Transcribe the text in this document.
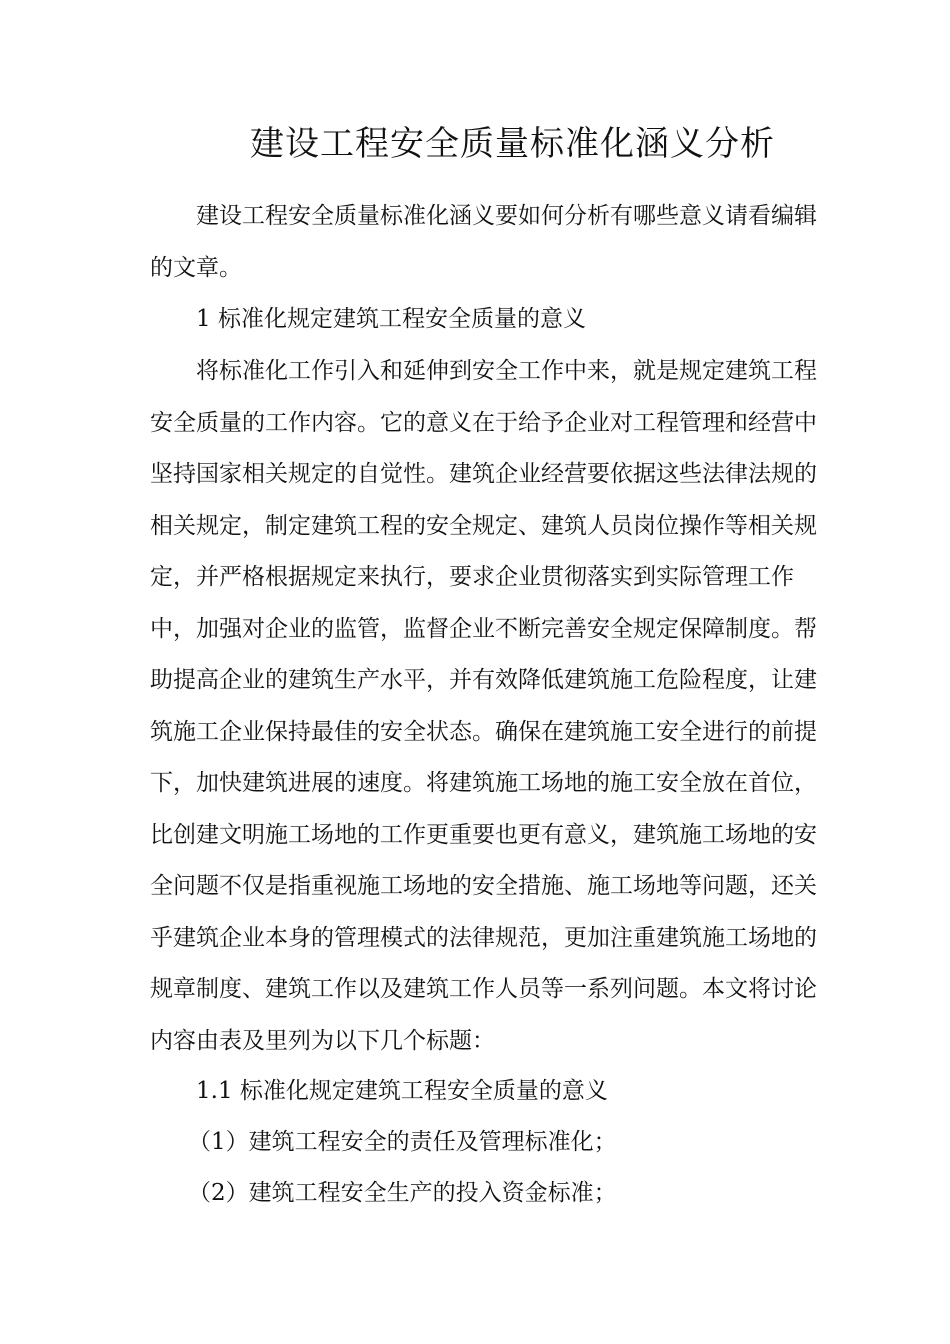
建设工程安全质量标准化涵义分析
建设工程安全质量标准化涵义要如何分析有哪些意义请看编辑
的文章。
1 标准化规定建筑工程安全质量的意义
将标准化工作引入和延伸到安全工作中来，就是规定建筑工程
安全质量的工作内容。它的意义在于给予企业对工程管理和经营中
坚持国家相关规定的自觉性。建筑企业经营要依据这些法律法规的
相关规定，制定建筑工程的安全规定、建筑人员岗位操作等相关规
定，并严格根据规定来执行，要求企业贯彻落实到实际管理工作
中，加强对企业的监管，监督企业不断完善安全规定保障制度。帮
助提高企业的建筑生产水平，并有效降低建筑施工危险程度，让建
筑施工企业保持最佳的安全状态。确保在建筑施工安全进行的前提
下，加快建筑进展的速度。将建筑施工场地的施工安全放在首位，
比创建文明施工场地的工作更重要也更有意义，建筑施工场地的安
全问题不仅是指重视施工场地的安全措施、施工场地等问题，还关
乎建筑企业本身的管理模式的法律规范，更加注重建筑施工场地的
规章制度、建筑工作以及建筑工作人员等一系列问题。本文将讨论
内容由表及里列为以下几个标题：
1.1 标准化规定建筑工程安全质量的意义
（1）建筑工程安全的责任及管理标准化；
（2）建筑工程安全生产的投入资金标准；
